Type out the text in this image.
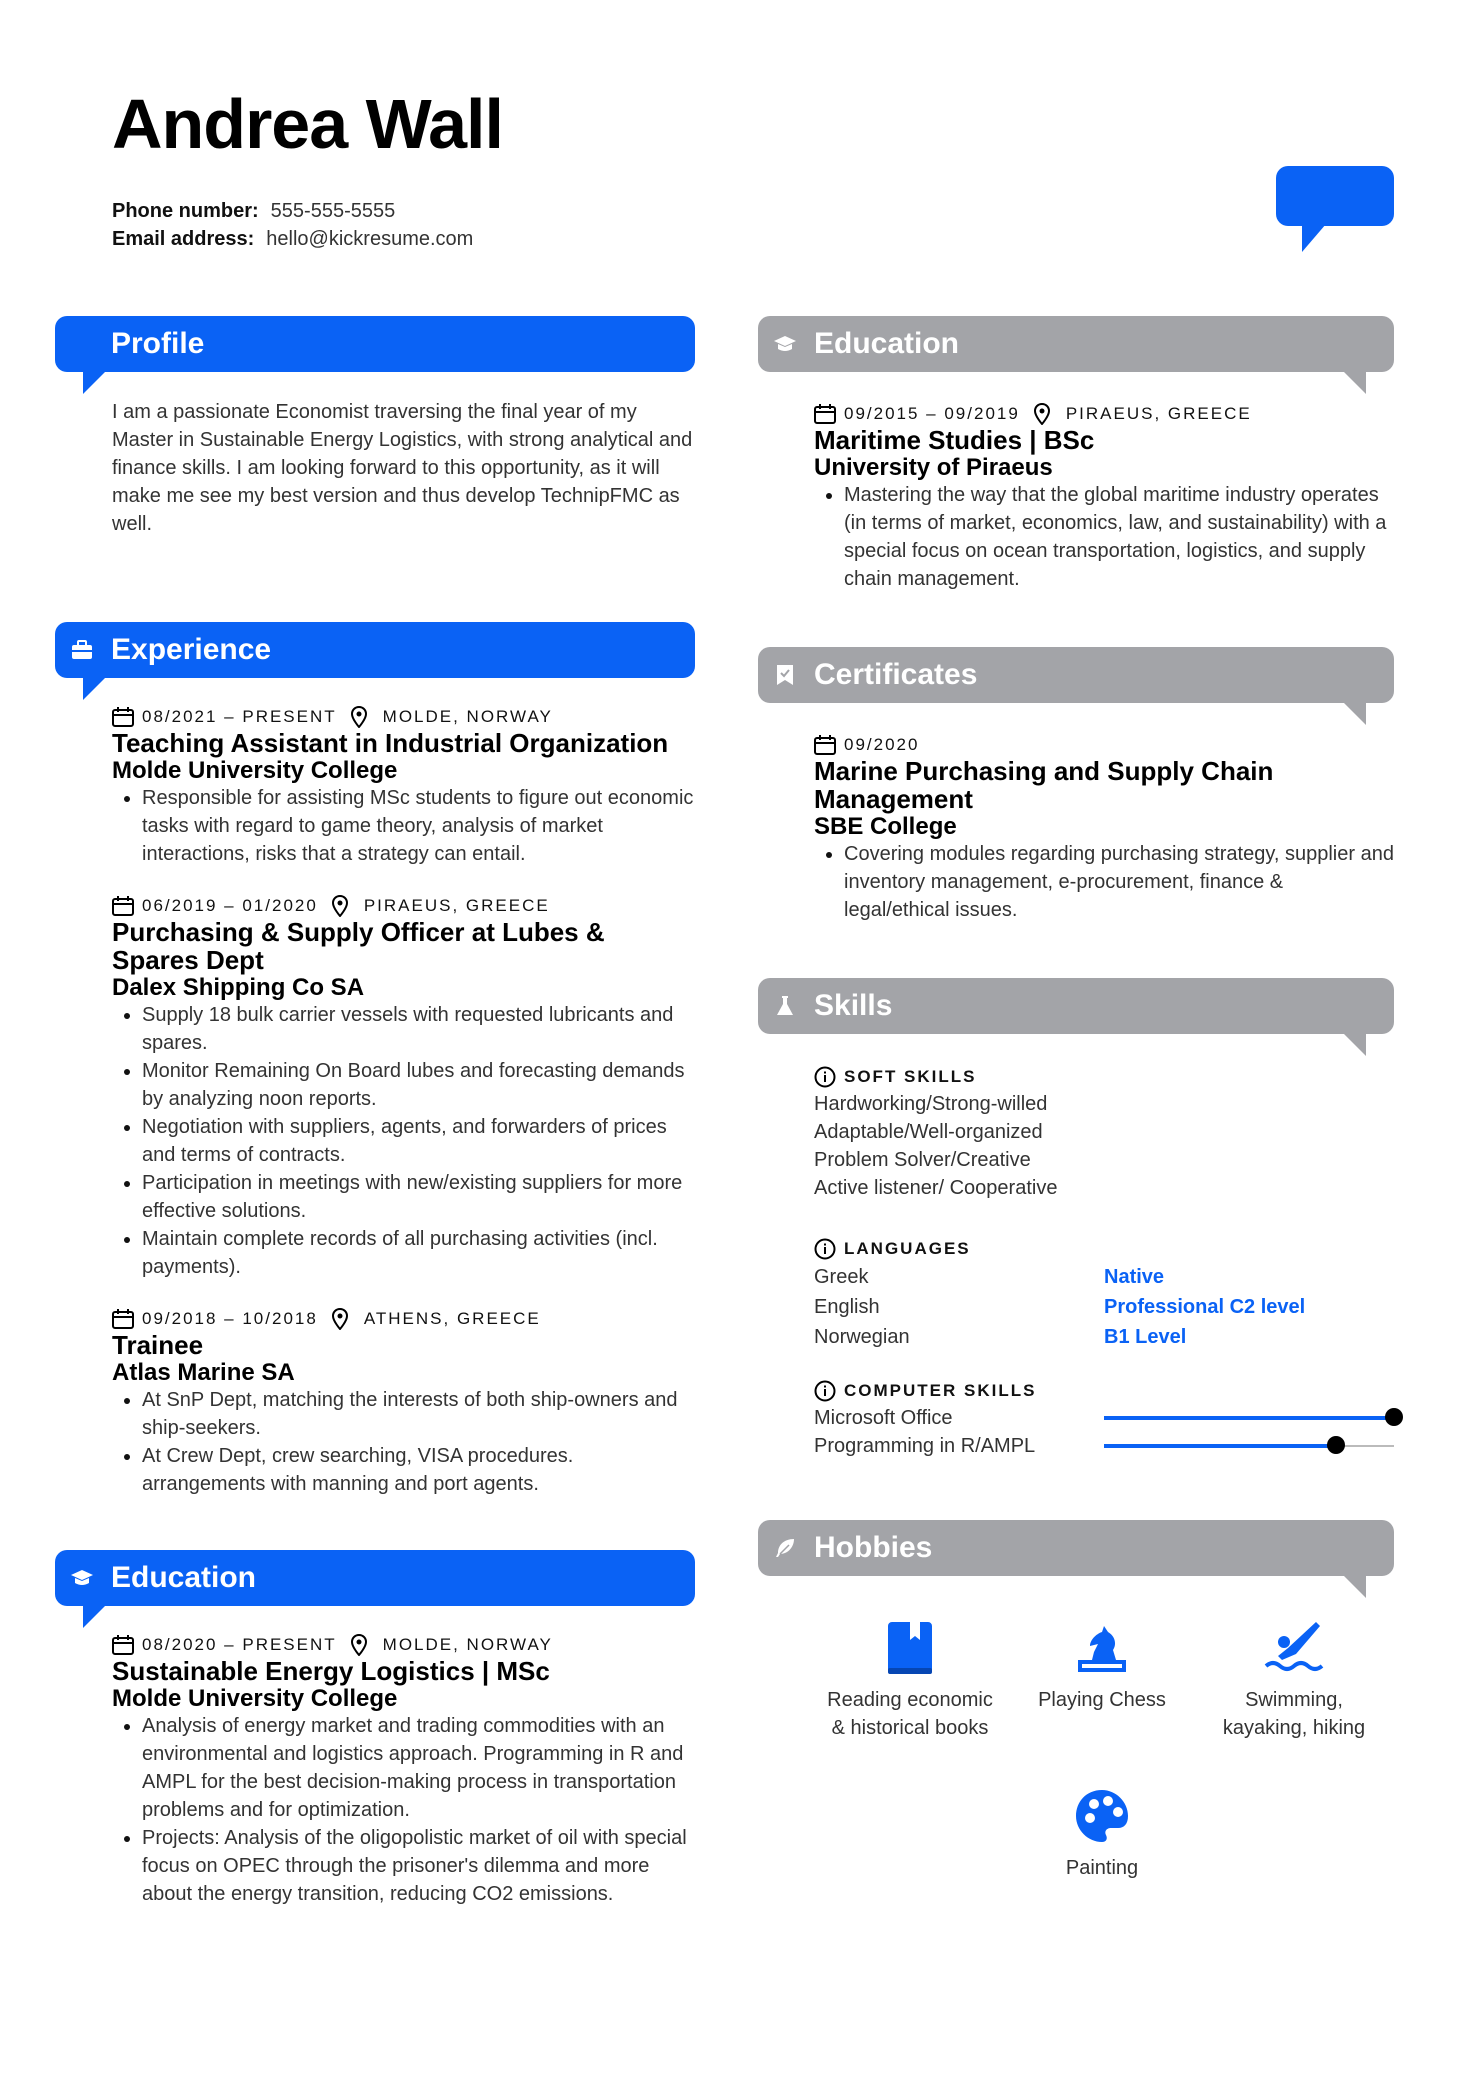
Andrea Wall
Phone number: 555-555-5555
Email address: hello@kickresume.com
Profile
I am a passionate Economist traversing the final year of my Master in Sustainable Energy Logistics, with strong analytical and finance skills. I am looking forward to this opportunity, as it will make me see my best version and thus develop TechnipFMC as well.
Experience
08/2021 – PRESENT	MOLDE, NORWAY
Teaching Assistant in Industrial Organization
Molde University College
• Responsible for assisting MSc students to figure out economic tasks with regard to game theory, analysis of market interactions, risks that a strategy can entail.
06/2019 – 01/2020	PIRAEUS, GREECE
Purchasing & Supply Officer at Lubes & Spares Dept
Dalex Shipping Co SA
• Supply 18 bulk carrier vessels with requested lubricants and spares.
• Monitor Remaining On Board lubes and forecasting demands by analyzing noon reports.
• Negotiation with suppliers, agents, and forwarders of prices and terms of contracts.
• Participation in meetings with new/existing suppliers for more effective solutions.
• Maintain complete records of all purchasing activities (incl. payments).
09/2018 – 10/2018	ATHENS, GREECE
Trainee
Atlas Marine SA
• At SnP Dept, matching the interests of both ship-owners and ship-seekers.
• At Crew Dept, crew searching, VISA procedures. arrangements with manning and port agents.
Education
08/2020 – PRESENT	MOLDE, NORWAY
Sustainable Energy Logistics | MSc
Molde University College
• Analysis of energy market and trading commodities with an environmental and logistics approach. Programming in R and AMPL for the best decision-making process in transportation problems and for optimization.
• Projects: Analysis of the oligopolistic market of oil with special focus on OPEC through the prisoner's dilemma and more about the energy transition, reducing CO2 emissions.
Education
09/2015 – 09/2019	PIRAEUS, GREECE
Maritime Studies | BSc
University of Piraeus
• Mastering the way that the global maritime industry operates (in terms of market, economics, law, and sustainability) with a special focus on ocean transportation, logistics, and supply chain management.
Certificates
09/2020
Marine Purchasing and Supply Chain Management
SBE College
• Covering modules regarding purchasing strategy, supplier and inventory management, e-procurement, finance & legal/ethical issues.
Skills
SOFT SKILLS
Hardworking/Strong-willed
Adaptable/Well-organized
Problem Solver/Creative
Active listener/ Cooperative
LANGUAGES
Greek	Native
English	Professional C2 level
Norwegian	B1 Level
COMPUTER SKILLS
Microsoft Office
Programming in R/AMPL
Hobbies
Reading economic & historical books
Playing Chess	Swimming, kayaking, hiking
Painting
